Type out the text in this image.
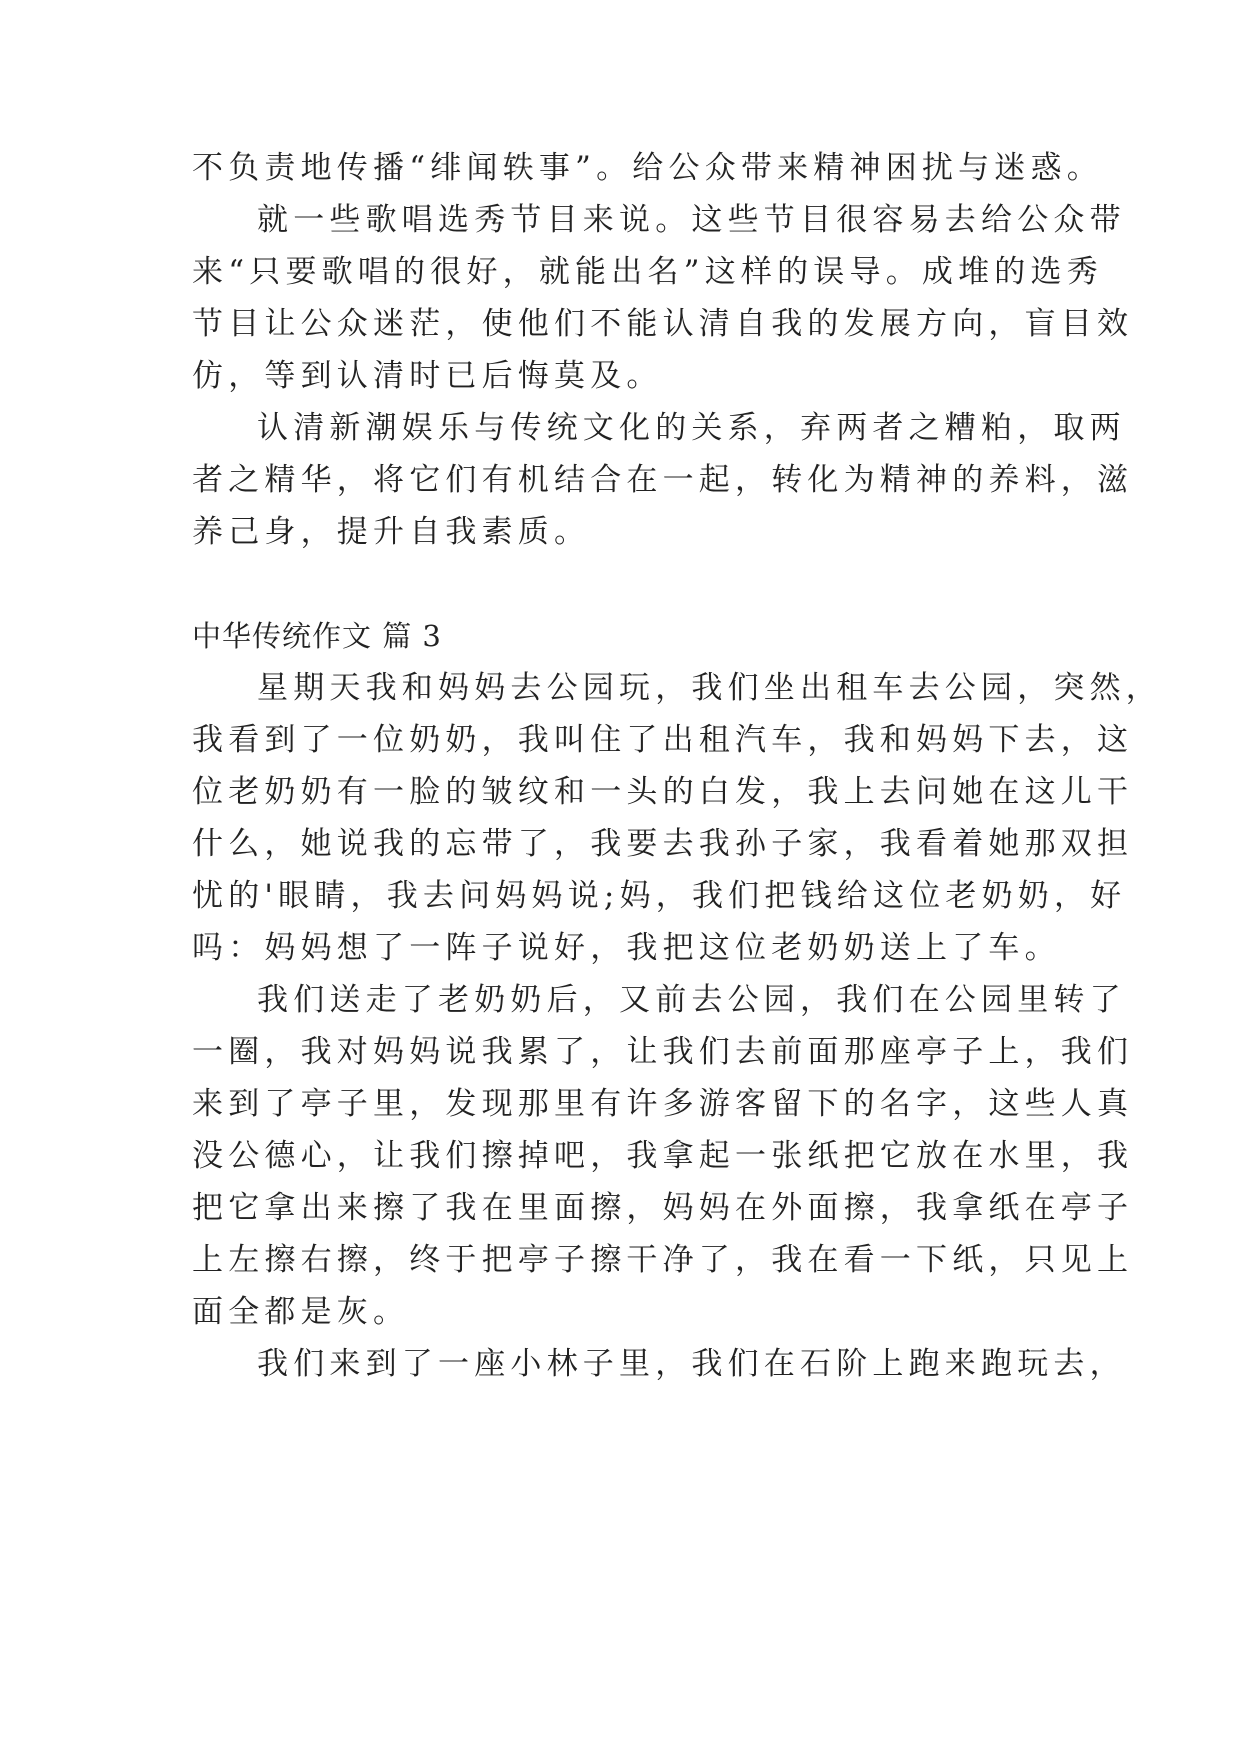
不负责地传播“绯闻轶事”。给公众带来精神困扰与迷惑。
就一些歌唱选秀节目来说。这些节目很容易去给公众带
来“只要歌唱的很好，就能出名”这样的误导。成堆的选秀
节目让公众迷茫，使他们不能认清自我的发展方向，盲目效
仿，等到认清时已后悔莫及。
认清新潮娱乐与传统文化的关系，弃两者之糟粕，取两
者之精华，将它们有机结合在一起，转化为精神的养料，滋
养己身，提升自我素质。
中华传统作文 篇 3
星期天我和妈妈去公园玩，我们坐出租车去公园，突然，
我看到了一位奶奶，我叫住了出租汽车，我和妈妈下去，这
位老奶奶有一脸的皱纹和一头的白发，我上去问她在这儿干
什么，她说我的忘带了，我要去我孙子家，我看着她那双担
忧的'眼睛，我去问妈妈说;妈，我们把钱给这位老奶奶，好
吗：妈妈想了一阵子说好，我把这位老奶奶送上了车。
我们送走了老奶奶后，又前去公园，我们在公园里转了
一圈，我对妈妈说我累了，让我们去前面那座亭子上，我们
来到了亭子里，发现那里有许多游客留下的名字，这些人真
没公德心，让我们擦掉吧，我拿起一张纸把它放在水里，我
把它拿出来擦了我在里面擦，妈妈在外面擦，我拿纸在亭子
上左擦右擦，终于把亭子擦干净了，我在看一下纸，只见上
面全都是灰。
我们来到了一座小林子里，我们在石阶上跑来跑玩去，
